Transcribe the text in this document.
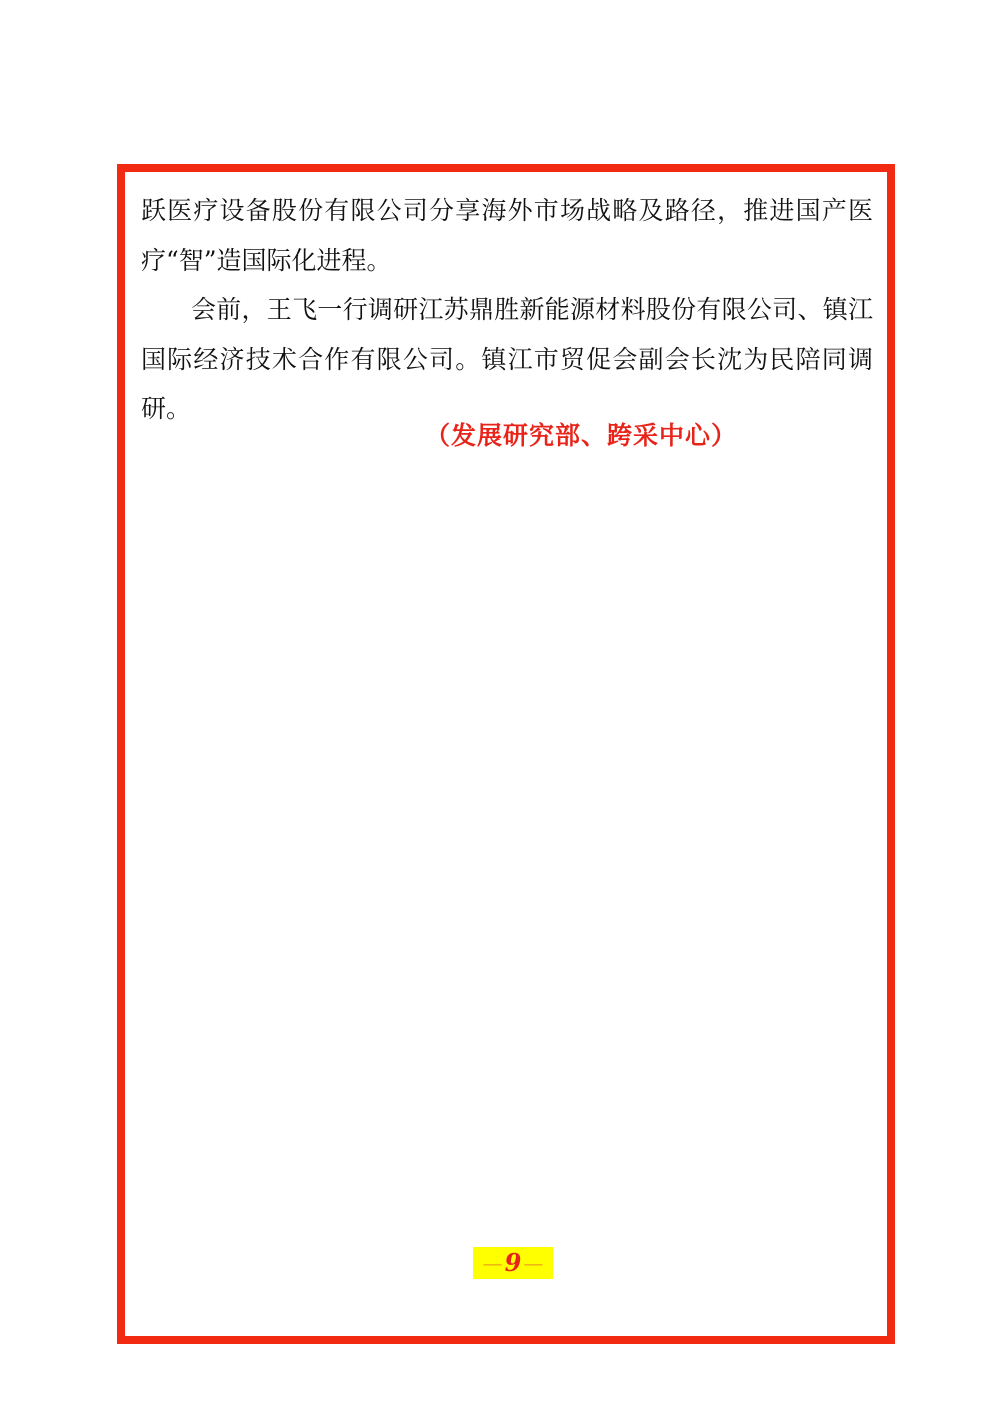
跃医疗设备股份有限公司分享海外市场战略及路径，推进国产医疗“智”造国际化进程。

会前，王飞一行调研江苏鼎胜新能源材料股份有限公司、镇江国际经济技术合作有限公司。镇江市贸促会副会长沈为民陪同调研。

（发展研究部、跨采中心）
— 9 —
